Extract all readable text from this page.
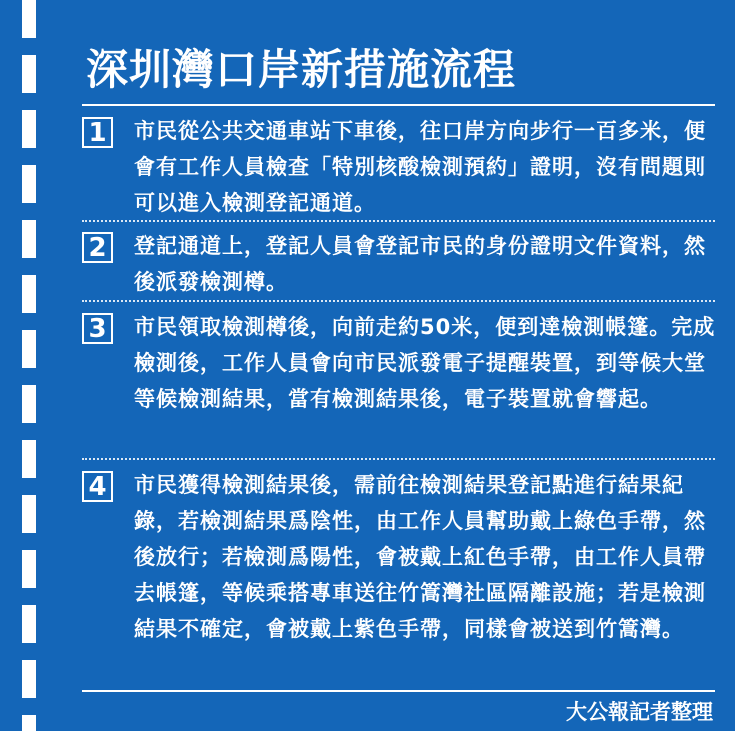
深圳灣口岸新措施流程
1	市民從公共交通車站下車後，往口岸方向步行一百多米，便會有工作人員檢查「特別核酸檢測預約」證明，沒有問題則可以進入檢測登記通道。
2	登記通道上，登記人員會登記市民的身份證明文件資料，然後派發檢測樽。
3	市民領取檢測樽後，向前走約50米，便到達檢測帳篷。完成檢測後，工作人員會向市民派發電子提醒裝置，到等候大堂等候檢測結果，當有檢測結果後，電子裝置就會響起。
4	市民獲得檢測結果後，需前往檢測結果登記點進行結果紀錄，若檢測結果爲陰性，由工作人員幫助戴上綠色手帶，然後放行；若檢測爲陽性，會被戴上紅色手帶，由工作人員帶去帳篷，等候乘搭專車送往竹篙灣社區隔離設施；若是檢測結果不確定，會被戴上紫色手帶，同樣會被送到竹篙灣。
大公報記者整理
